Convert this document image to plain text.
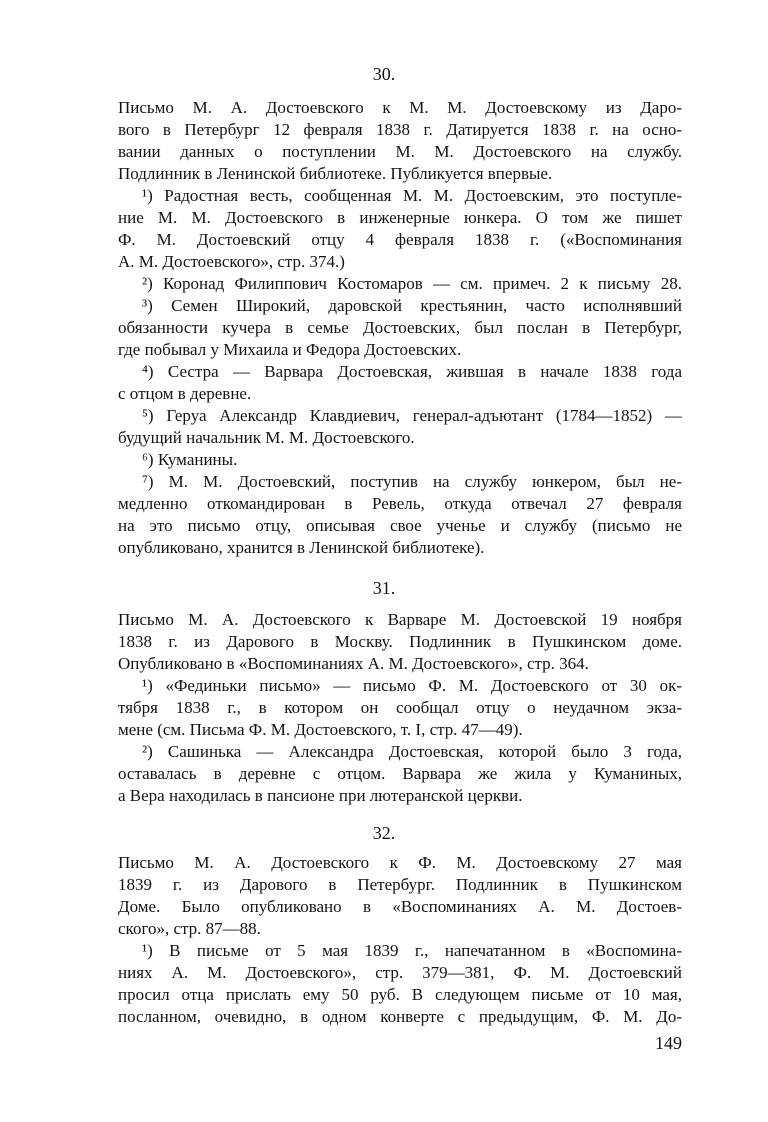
30.
Письмо М. А. Достоевского к М. М. Достоевскому из Даро-
вого в Петербург 12 февраля 1838 г. Датируется 1838 г. на осно-
вании данных о поступлении М. М. Достоевского на службу.
Подлинник в Ленинской библиотеке. Публикуется впервые.
¹) Радостная весть, сообщенная М. М. Достоевским, это поступле-
ние М. М. Достоевского в инженерные юнкера. О том же пишет
Ф. М. Достоевский отцу 4 февраля 1838 г. («Воспоминания
А. М. Достоевского», стр. 374.)
²) Коронад Филиппович Костомаров — см. примеч. 2 к письму 28.
³) Семен Широкий, даровской крестьянин, часто исполнявший
обязанности кучера в семье Достоевских, был послан в Петербург,
где побывал у Михаила и Федора Достоевских.
⁴) Сестра — Варвара Достоевская, жившая в начале 1838 года
с отцом в деревне.
⁵) Геруа Александр Клавдиевич, генерал-адъютант (1784—1852) —
будущий начальник М. М. Достоевского.
⁶) Куманины.
⁷) М. М. Достоевский, поступив на службу юнкером, был не-
медленно откомандирован в Ревель, откуда отвечал 27 февраля
на это письмо отцу, описывая свое ученье и службу (письмо не
опубликовано, хранится в Ленинской библиотеке).
31.
Письмо М. А. Достоевского к Варваре М. Достоевской 19 ноября
1838 г. из Дарового в Москву. Подлинник в Пушкинском доме.
Опубликовано в «Воспоминаниях А. М. Достоевского», стр. 364.
¹) «Фединьки письмо» — письмо Ф. М. Достоевского от 30 ок-
тября 1838 г., в котором он сообщал отцу о неудачном экза-
мене (см. Письма Ф. М. Достоевского, т. I, стр. 47—49).
²) Сашинька — Александра Достоевская, которой было 3 года,
оставалась в деревне с отцом. Варвара же жила у Куманиных,
а Вера находилась в пансионе при лютеранской церкви.
32.
Письмо М. А. Достоевского к Ф. М. Достоевскому 27 мая
1839 г. из Дарового в Петербург. Подлинник в Пушкинском
Доме. Было опубликовано в «Воспоминаниях А. М. Достоев-
ского», стр. 87—88.
¹) В письме от 5 мая 1839 г., напечатанном в «Воспомина-
ниях А. М. Достоевского», стр. 379—381, Ф. М. Достоевский
просил отца прислать ему 50 руб. В следующем письме от 10 мая,
посланном, очевидно, в одном конверте с предыдущим, Ф. М. До-
149
